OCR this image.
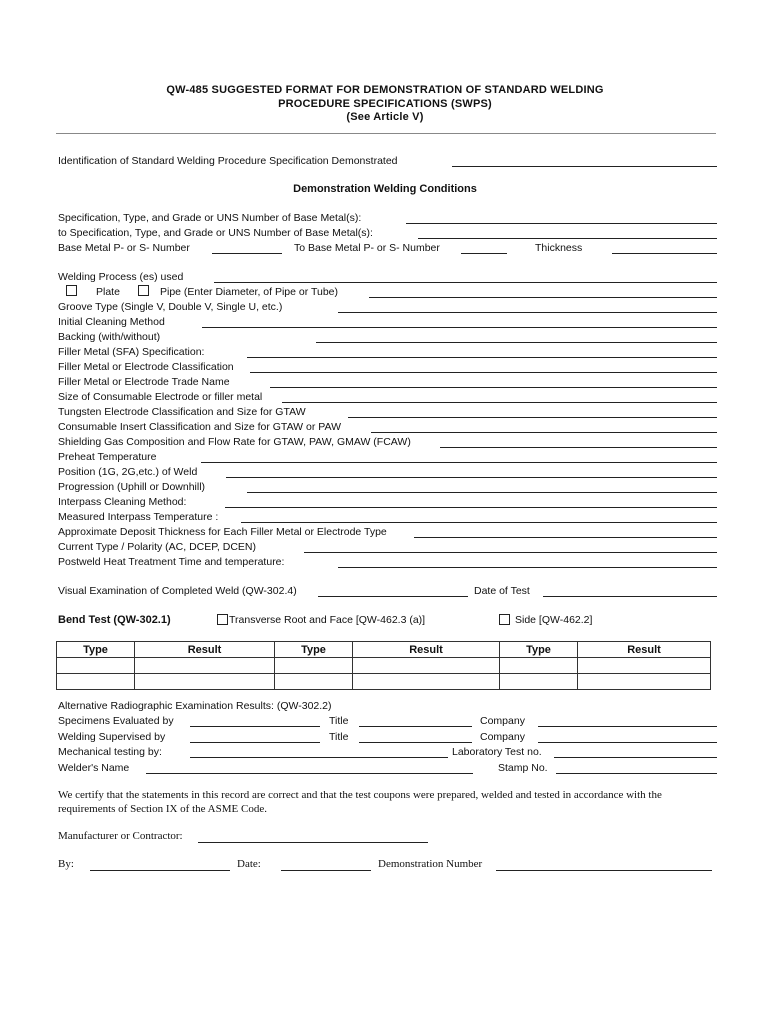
QW-485 SUGGESTED FORMAT FOR DEMONSTRATION OF STANDARD WELDING
PROCEDURE SPECIFICATIONS (SWPS)
(See Article V)
Identification of Standard Welding Procedure Specification Demonstrated
Demonstration Welding Conditions
Specification, Type, and Grade or UNS Number of Base Metal(s):
to Specification, Type, and Grade or UNS Number of Base Metal(s):
Base Metal P- or S- Number	To Base Metal P- or S- Number	Thickness
Welding Process (es) used
Plate	Pipe (Enter Diameter, of Pipe or Tube)
Groove Type (Single V, Double V, Single U, etc.)
Initial Cleaning Method
Backing (with/without)
Filler Metal (SFA) Specification:
Filler Metal or Electrode Classification
Filler Metal or Electrode Trade Name
Size of Consumable Electrode or filler metal
Tungsten Electrode Classification and Size for GTAW
Consumable Insert Classification and Size for GTAW or PAW
Shielding Gas Composition and Flow Rate for GTAW, PAW, GMAW (FCAW)
Preheat Temperature
Position (1G, 2G,etc.) of Weld
Progression (Uphill or Downhill)
Interpass Cleaning Method:
Measured Interpass Temperature :
Approximate Deposit Thickness for Each Filler Metal or Electrode Type
Current Type / Polarity (AC, DCEP, DCEN)
Postweld Heat Treatment Time and temperature:
Visual Examination of Completed Weld (QW-302.4)	Date of Test
Bend Test (QW-302.1)	Transverse Root and Face [QW-462.3 (a)]	Side [QW-462.2]
Type	Result	Type	Result	Type	Result

Alternative Radiographic Examination Results: (QW-302.2)
Specimens Evaluated by	Title	Company
Welding Supervised by	Title	Company
Mechanical testing by:	Laboratory Test no.
Welder's Name	Stamp No.
We certify that the statements in this record are correct and that the test coupons were prepared, welded and tested in accordance with the
requirements of Section IX of the ASME Code.
Manufacturer or Contractor:
By:	Date:	Demonstration Number
